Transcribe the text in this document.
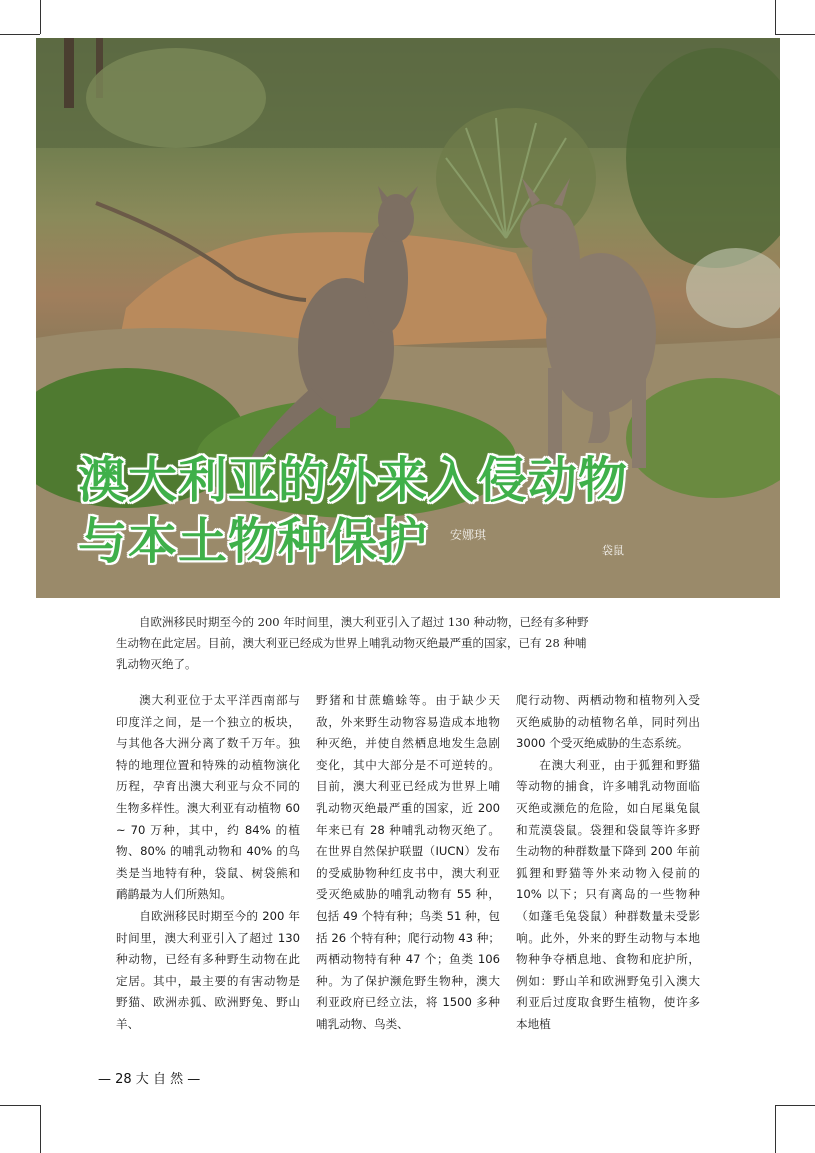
澳大利亚的外来入侵动物
与本土物种保护 安娜琪
袋鼠
自欧洲移民时期至今的 200 年时间里，澳大利亚引入了超过 130 种动物，已经有多种野生动物在此定居。目前，澳大利亚已经成为世界上哺乳动物灭绝最严重的国家，已有 28 种哺乳动物灭绝了。

澳大利亚位于太平洋西南部与印度洋之间，是一个独立的板块，与其他各大洲分离了数千万年。独特的地理位置和特殊的动植物演化历程，孕育出澳大利亚与众不同的生物多样性。澳大利亚有动植物 60 ~ 70 万种，其中，约 84% 的植物、80% 的哺乳动物和 40% 的鸟类是当地特有种，袋鼠、树袋熊和鸸鹋最为人们所熟知。

自欧洲移民时期至今的 200 年时间里，澳大利亚引入了超过 130 种动物，已经有多种野生动物在此定居。其中，最主要的有害动物是野猫、欧洲赤狐、欧洲野兔、野山羊、

野猪和甘蔗蟾蜍等。由于缺少天敌，外来野生动物容易造成本地物种灭绝，并使自然栖息地发生急剧变化，其中大部分是不可逆转的。目前，澳大利亚已经成为世界上哺乳动物灭绝最严重的国家，近 200 年来已有 28 种哺乳动物灭绝了。在世界自然保护联盟（IUCN）发布的受威胁物种红皮书中，澳大利亚受灭绝威胁的哺乳动物有 55 种，包括 49 个特有种；鸟类 51 种，包括 26 个特有种；爬行动物 43 种；两栖动物特有种 47 个；鱼类 106 种。为了保护濒危野生物种，澳大利亚政府已经立法，将 1500 多种哺乳动物、鸟类、

爬行动物、两栖动物和植物列入受灭绝威胁的动植物名单，同时列出 3000 个受灭绝威胁的生态系统。

在澳大利亚，由于狐狸和野猫等动物的捕食，许多哺乳动物面临灭绝或濒危的危险，如白尾巢兔鼠和荒漠袋鼠。袋狸和袋鼠等许多野生动物的种群数量下降到 200 年前狐狸和野猫等外来动物入侵前的 10% 以下；只有离岛的一些物种（如蓬毛兔袋鼠）种群数量未受影响。此外，外来的野生动物与本地物种争夺栖息地、食物和庇护所，例如：野山羊和欧洲野兔引入澳大利亚后过度取食野生植物，使许多本地植

— 28 大 自 然 —
